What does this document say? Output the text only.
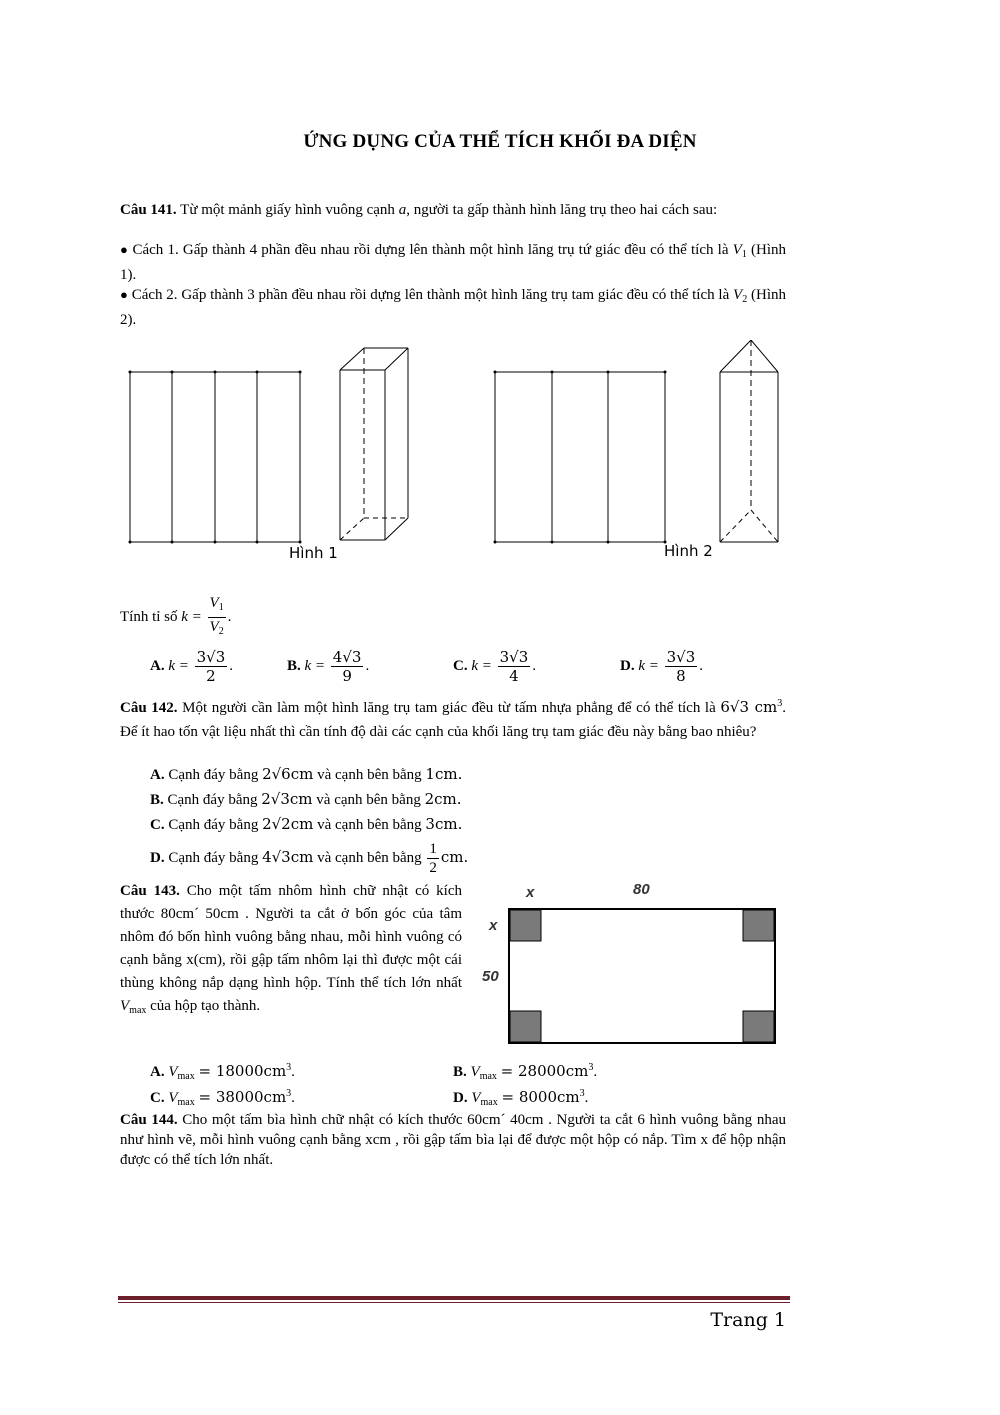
ỨNG DỤNG CỦA THỂ TÍCH KHỐI ĐA DIỆN
Câu 141. Từ một mảnh giấy hình vuông cạnh a, người ta gấp thành hình lăng trụ theo hai cách sau:
● Cách 1. Gấp thành 4 phần đều nhau rồi dựng lên thành một hình lăng trụ tứ giác đều có thể tích là $V_1$ (Hình 1).
● Cách 2. Gấp thành 3 phần đều nhau rồi dựng lên thành một hình lăng trụ tam giác đều có thể tích là $V_2$ (Hình 2).
Hình 1	Hình 2
Tính tỉ số $k = \frac{V_1}{V_2}$ .
A. $k = \frac{3√3}{2}$ .	B. $k = \frac{4√3}{9}$ .	C. $k = \frac{3√3}{4}$ .	D. $k = \frac{3√3}{8}$ .
Câu 142. Một người cần làm một hình lăng trụ tam giác đều từ tấm nhựa phẳng để có thể tích là 6√3 $cm^3$. Để ít hao tốn vật liệu nhất thì cần tính độ dài các cạnh của khối lăng trụ tam giác đều này bằng bao nhiêu?
A. Cạnh đáy bằng 2√6cm và cạnh bên bằng 1cm.
B. Cạnh đáy bằng 2√3cm và cạnh bên bằng 2cm.
C. Cạnh đáy bằng 2√2cm và cạnh bên bằng 3cm.
D. Cạnh đáy bằng 4√3cm và cạnh bên bằng $\frac{1}{2}$ cm.
Câu 143. Cho một tấm nhôm hình chữ nhật có kích thước 80cm´ 50cm . Người ta cắt ở bốn góc của tâm nhôm đó bốn hình vuông bằng nhau, mỗi hình vuông có cạnh bằng x(cm), rồi gập tấm nhôm lại thì được một cái thùng không nắp dạng hình hộp. Tính thể tích lớn nhất $V_{max}$ của hộp tạo thành.
x	80
x
50
A. $V_{max} = 18000cm^3$.	B. $V_{max} = 28000cm^3$.
C. $V_{max} = 38000cm^3$.	D. $V_{max} = 8000cm^3$.
Câu 144. Cho một tấm bìa hình chữ nhật có kích thước 60cm´ 40cm . Người ta cắt 6 hình vuông bằng nhau như hình vẽ, mỗi hình vuông cạnh bằng xcm , rồi gập tấm bìa lại để được một hộp có nắp. Tìm x để hộp nhận được có thể tích lớn nhất.
Trang 1
